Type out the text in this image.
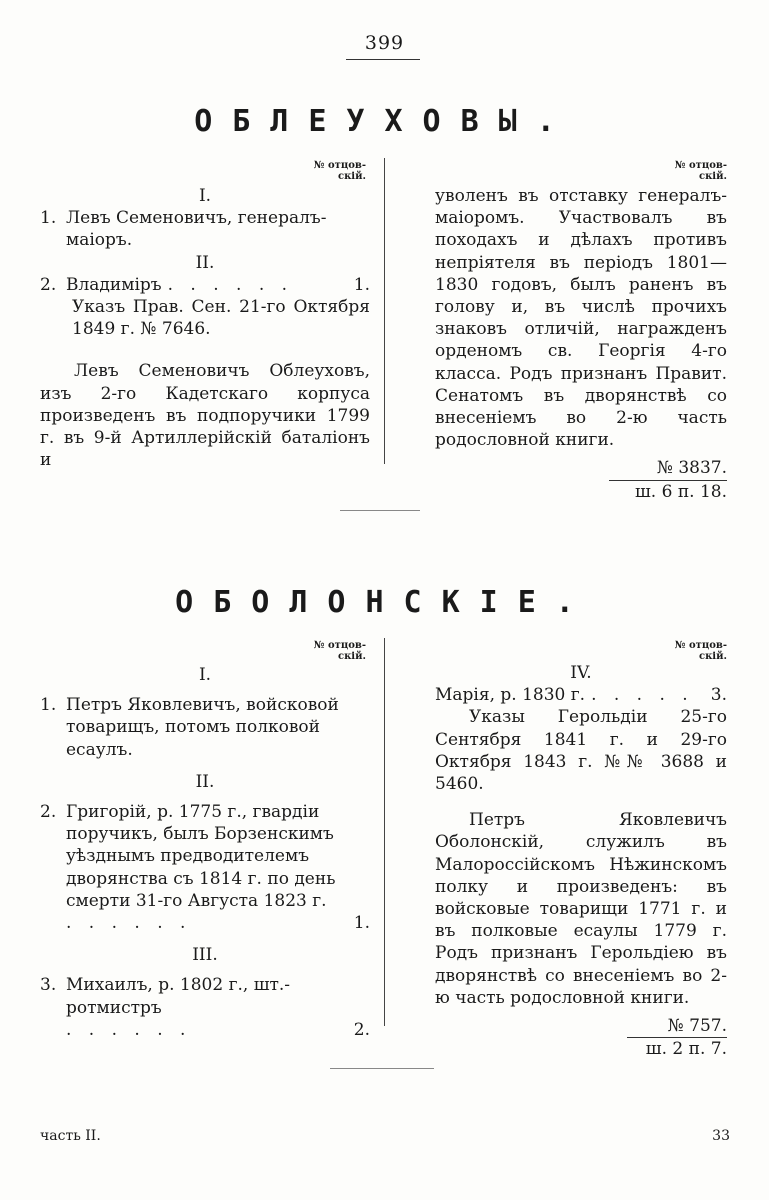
399
ОБЛЕУХОВЫ.
№ отцов-
скій.
№ отцов-
скій.
I.
1. Левъ Семеновичъ, генералъ-маіоръ.
II.
2. Владиміръ . . . . . .	1.
Указъ Прав. Сен. 21-го Октября 1849 г. № 7646.
Левъ Семеновичъ Облеуховъ, изъ 2-го Кадетскаго корпуса произведенъ въ подпоручики 1799 г. въ 9-й Артиллерійскій баталіонъ и
уволенъ въ отставку генералъ-маіоромъ. Участвовалъ въ походахъ и дѣлахъ противъ непріятеля въ періодъ 1801—1830 годовъ, былъ раненъ въ голову и, въ числѣ прочихъ знаковъ отличій, награжденъ орденомъ св. Георгія 4-го класса. Родъ признанъ Правит. Сенатомъ въ дворянствѣ со внесеніемъ во 2-ю часть родословной книги.
№ 3837.
ш. 6 п. 18.
ОБОЛОНСКІЕ.
№ отцов-
скій.
№ отцов-
скій.
I.
1. Петръ Яковлевичъ, войсковой товарищъ, потомъ полковой есаулъ.
II.
2. Григорій, р. 1775 г., гвардіи поручикъ, былъ Борзенскимъ уѣзднымъ предводителемъ дворянства съ 1814 г. по день смерти 31-го Августа 1823 г.
. . . . . .	1.
III.
3. Михаилъ, р. 1802 г., шт.-ротмистръ
. . . . . .	2.
IV.
Марія, р. 1830 г. . . . . .	3.
Указы Герольдіи 25-го Сентября 1841 г. и 29-го Октября 1843 г. №№ 3688 и 5460.
Петръ Яковлевичъ Оболонскій, служилъ въ Малороссійскомъ Нѣжинскомъ полку и произведенъ: въ войсковые товарищи 1771 г. и въ полковые есаулы 1779 г. Родъ признанъ Герольдіею въ дворянствѣ со внесеніемъ во 2-ю часть родословной книги.
№ 757.
ш. 2 п. 7.
часть II.	33
